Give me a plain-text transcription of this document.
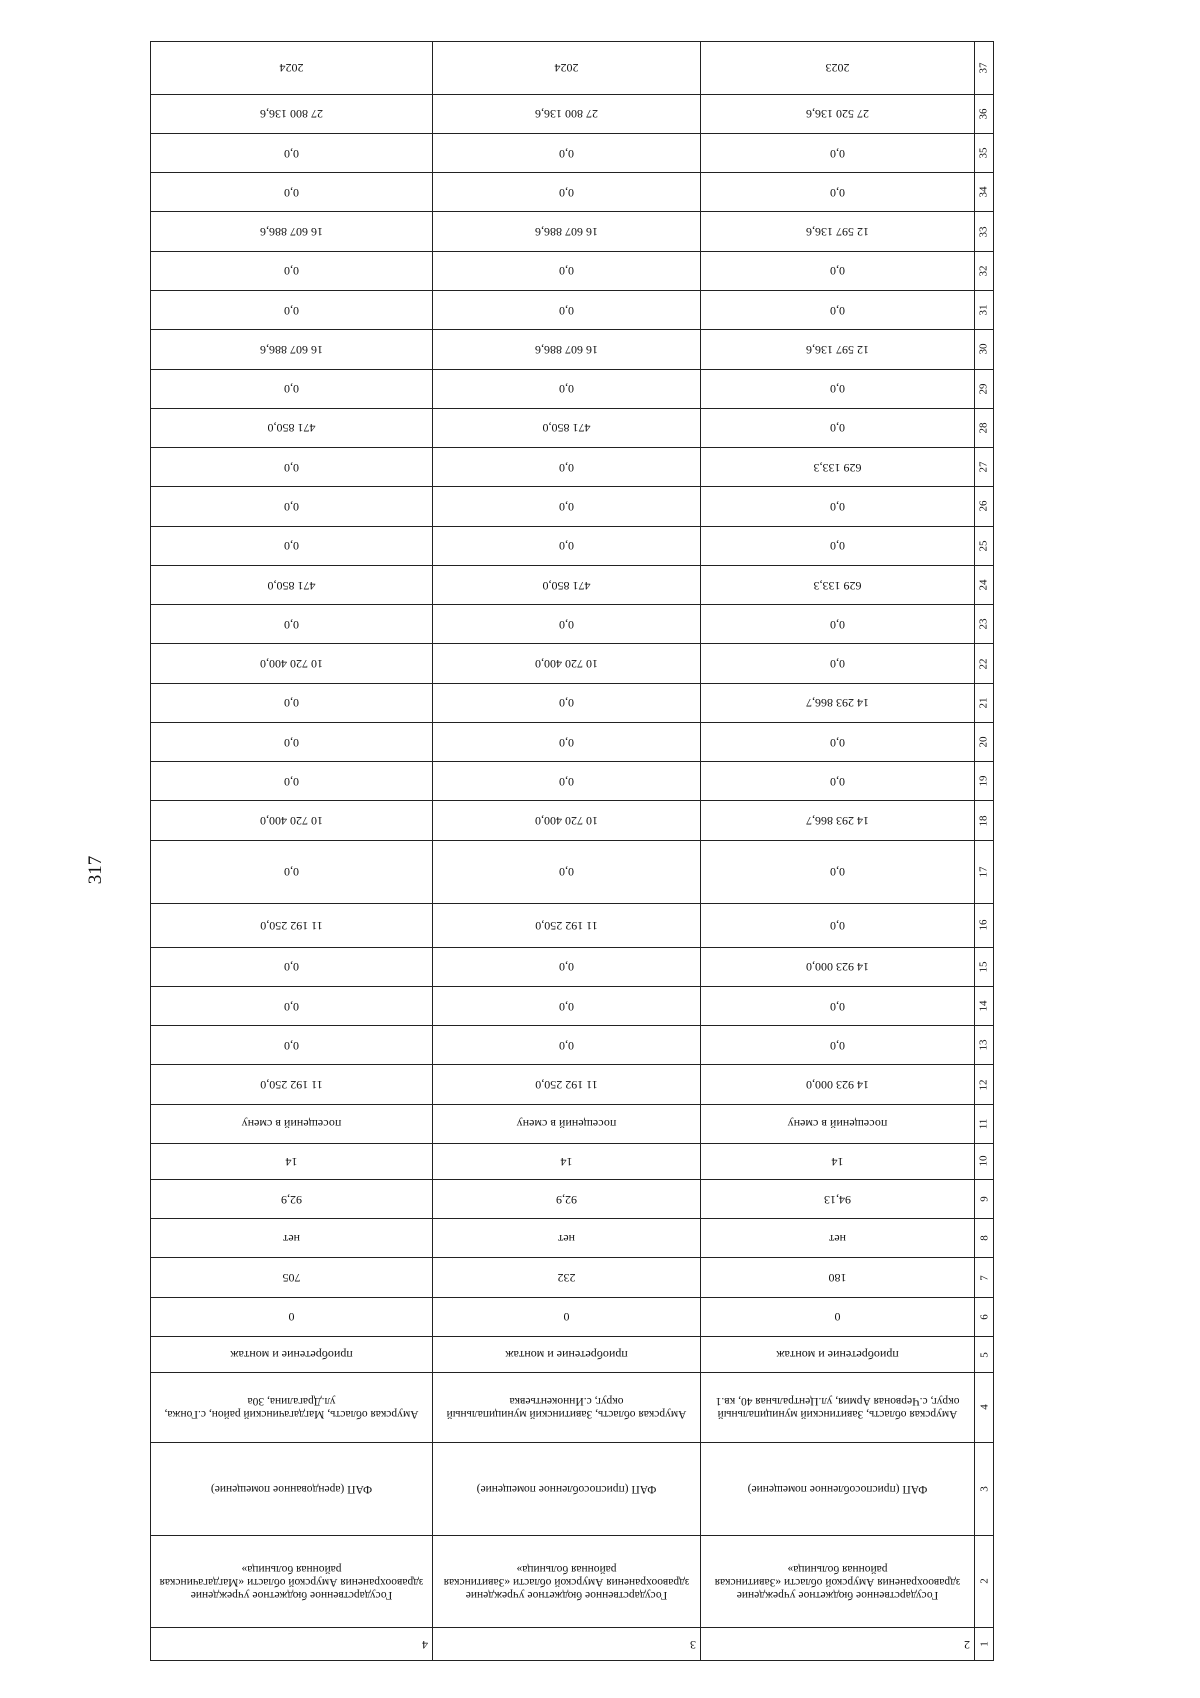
317
1	2	3	4
2	Государственное бюджетное учреждение здравоохранения Амурской области «Завитинская районная больница»	Государственное бюджетное учреждение здравоохранения Амурской области «Завитинская районная больница»	Государственное бюджетное учреждение здравоохранения Амурской области «Магдагачинская районная больница»
3	ФАП (приспособленное помещение)	ФАП (приспособленное помещение)	ФАП (арендованное помещение)
4	Амурская область, Завитинский муниципальный округ, с.Червоная Армия, ул.Центральная 40, кв.1	Амурская область, Завитинский муниципальный округ, с.Иннокентьевка	Амурская область, Магдагачинский район, с.Гонжа, ул.Драгалина, 30а
5	приобретение и монтаж	приобретение и монтаж	приобретение и монтаж
6	0	0	0
7	180	232	705
8	нет	нет	нет
9	94,13	92,9	92,9
10	14	14	14
11	посещений в смену	посещений в смену	посещений в смену
12	14 923 000,0	11 192 250,0	11 192 250,0
13	0,0	0,0	0,0
14	0,0	0,0	0,0
15	14 923 000,0	0,0	0,0
16	0,0	11 192 250,0	11 192 250,0
17	0,0	0,0	0,0
18	14 293 866,7	10 720 400,0	10 720 400,0
19	0,0	0,0	0,0
20	0,0	0,0	0,0
21	14 293 866,7	0,0	0,0
22	0,0	10 720 400,0	10 720 400,0
23	0,0	0,0	0,0
24	629 133,3	471 850,0	471 850,0
25	0,0	0,0	0,0
26	0,0	0,0	0,0
27	629 133,3	0,0	0,0
28	0,0	471 850,0	471 850,0
29	0,0	0,0	0,0
30	12 597 136,6	16 607 886,6	16 607 886,6
31	0,0	0,0	0,0
32	0,0	0,0	0,0
33	12 597 136,6	16 607 886,6	16 607 886,6
34	0,0	0,0	0,0
35	0,0	0,0	0,0
36	27 520 136,6	27 800 136,6	27 800 136,6
37	2023	2024	2024
